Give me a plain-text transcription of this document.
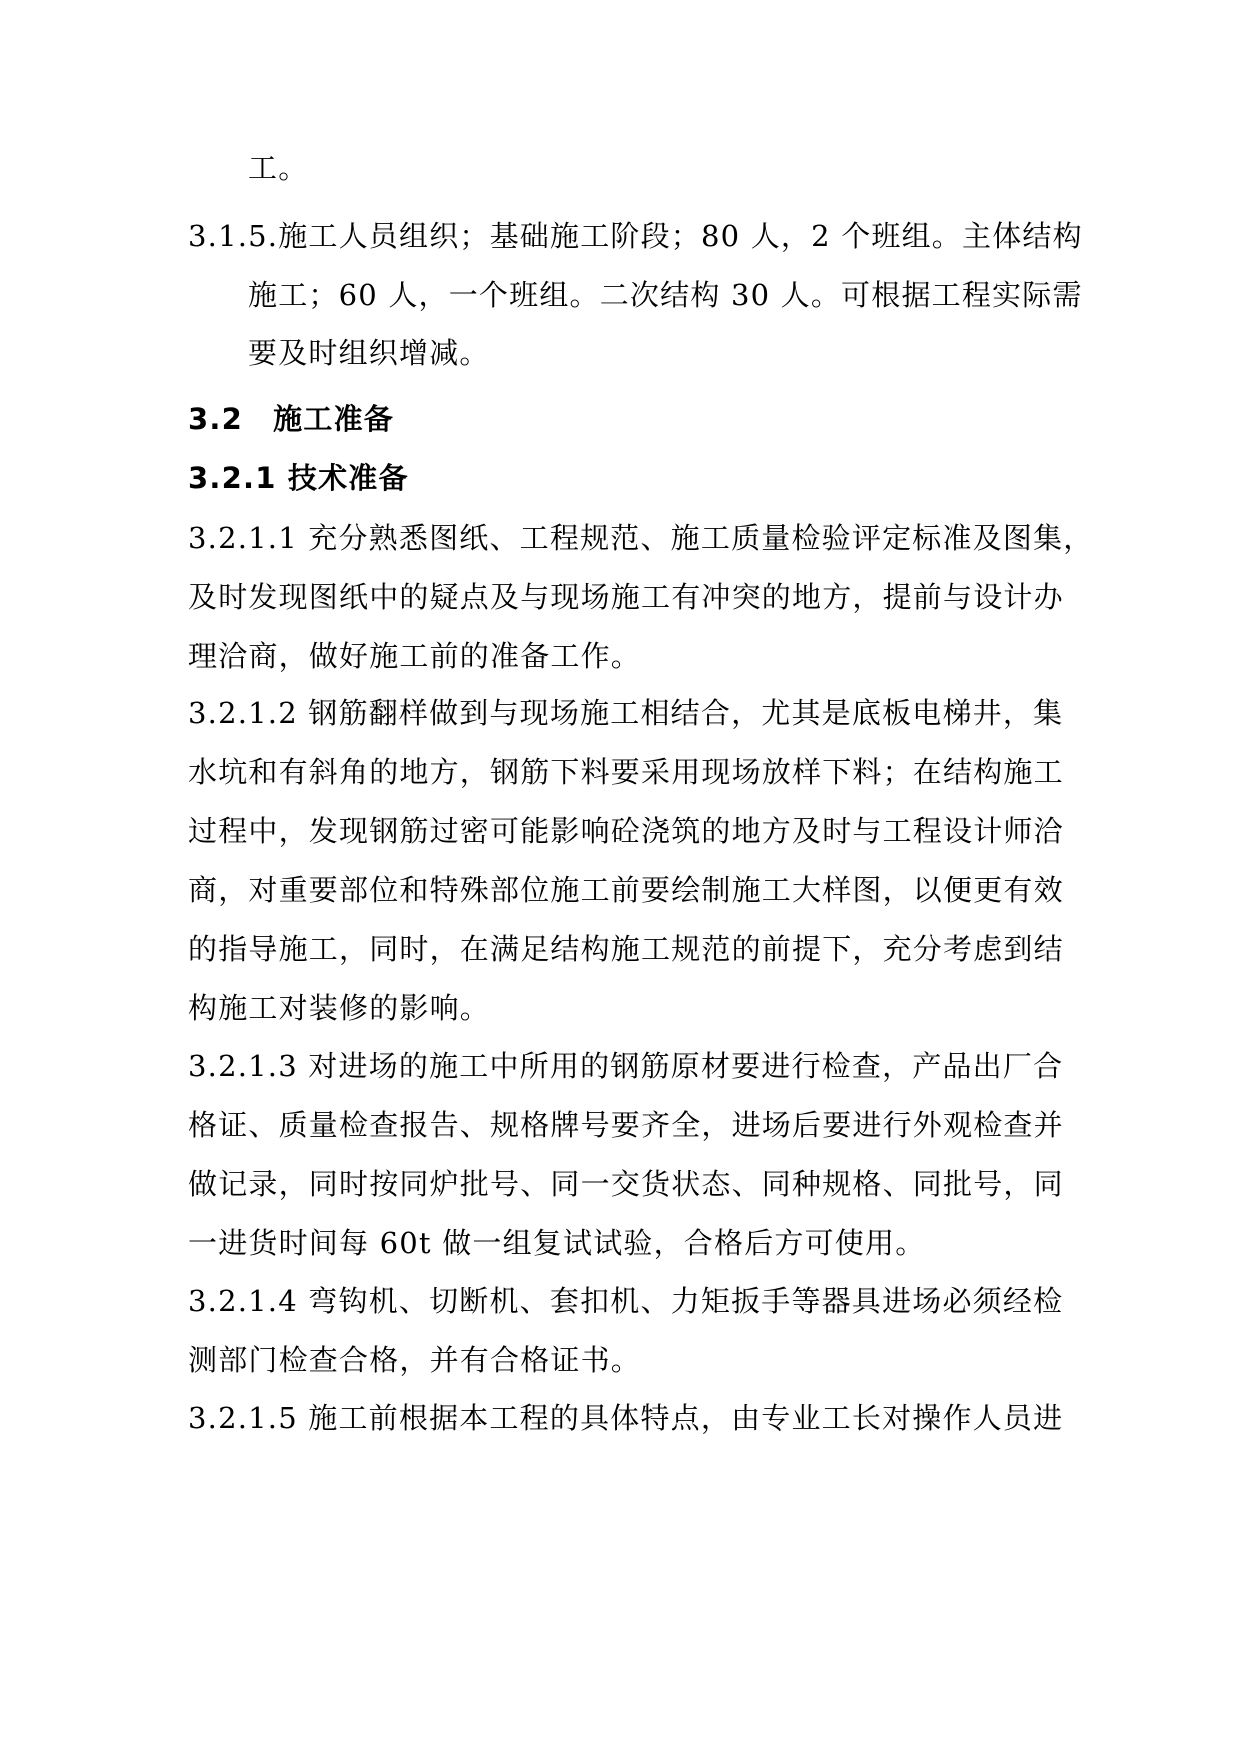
工。
3.1.5.施工人员组织；基础施工阶段；80 人，2 个班组。主体结构
施工；60 人，一个班组。二次结构 30 人。可根据工程实际需
要及时组织增减。
3.2　施工准备
3.2.1 技术准备
3.2.1.1 充分熟悉图纸、工程规范、施工质量检验评定标准及图集，
及时发现图纸中的疑点及与现场施工有冲突的地方，提前与设计办
理洽商，做好施工前的准备工作。
3.2.1.2 钢筋翻样做到与现场施工相结合，尤其是底板电梯井，集
水坑和有斜角的地方，钢筋下料要采用现场放样下料；在结构施工
过程中，发现钢筋过密可能影响砼浇筑的地方及时与工程设计师洽
商，对重要部位和特殊部位施工前要绘制施工大样图，以便更有效
的指导施工，同时，在满足结构施工规范的前提下，充分考虑到结
构施工对装修的影响。
3.2.1.3 对进场的施工中所用的钢筋原材要进行检查，产品出厂合
格证、质量检查报告、规格牌号要齐全，进场后要进行外观检查并
做记录，同时按同炉批号、同一交货状态、同种规格、同批号，同
一进货时间每 60t 做一组复试试验，合格后方可使用。
3.2.1.4 弯钩机、切断机、套扣机、力矩扳手等器具进场必须经检
测部门检查合格，并有合格证书。
3.2.1.5 施工前根据本工程的具体特点，由专业工长对操作人员进
